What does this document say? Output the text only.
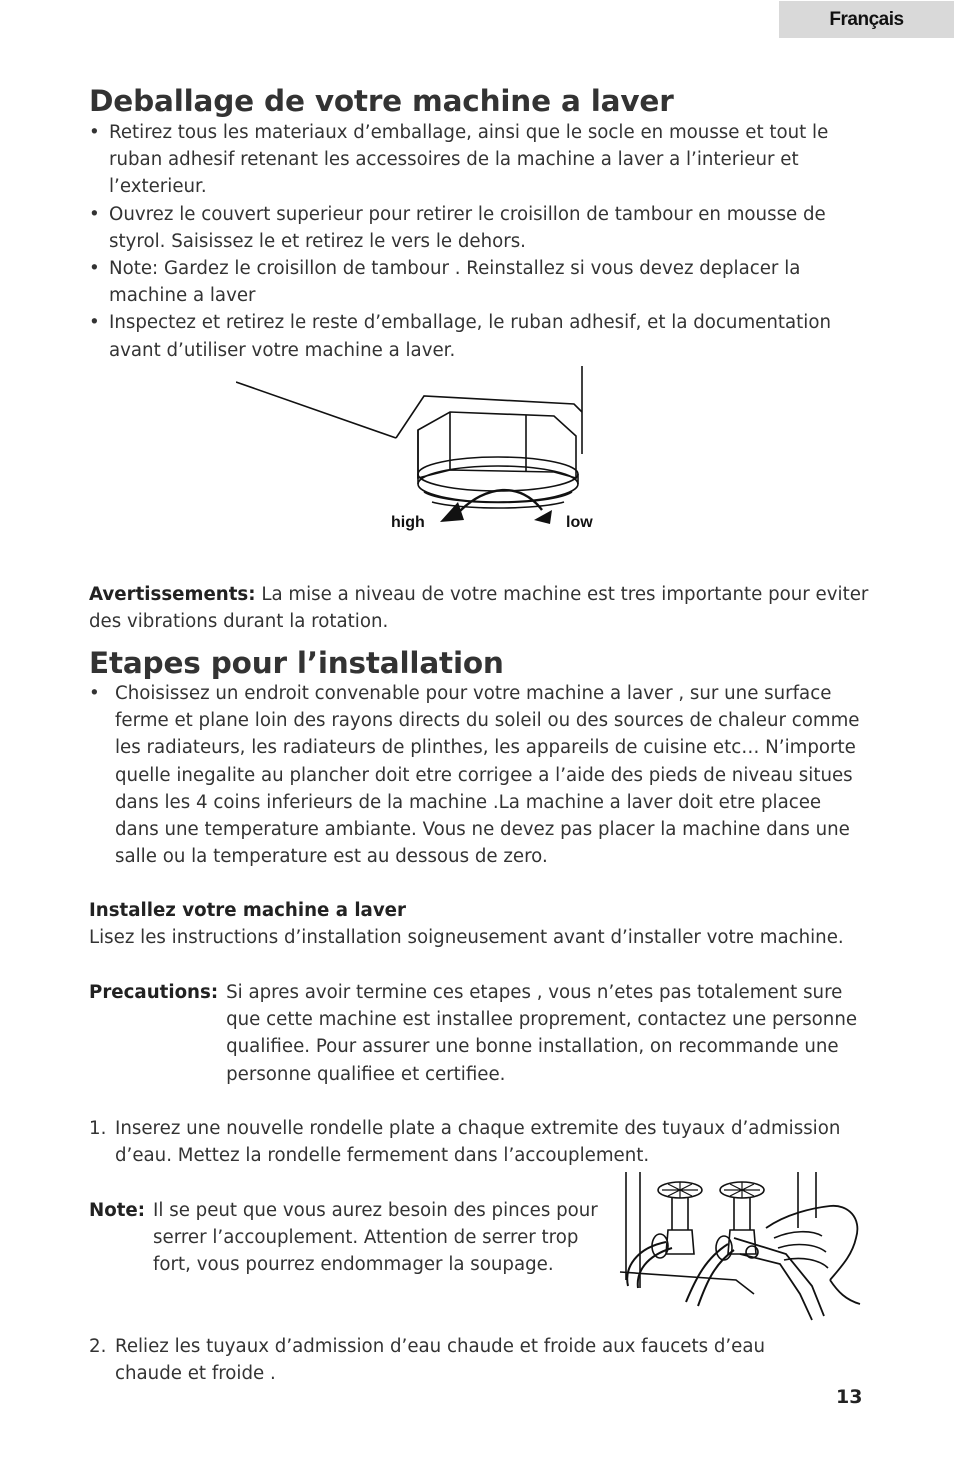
Français
Deballage de votre machine a laver
• Retirez tous les materiaux d’emballage, ainsi que le socle en mousse et tout le ruban adhesif retenant les accessoires de la machine a laver a l’interieur et l’exterieur.
• Ouvrez le couvert superieur pour retirer le croisillon de tambour en mousse de styrol. Saisissez le et retirez le vers le dehors.
• Note: Gardez le croisillon de tambour . Reinstallez si vous devez deplacer la machine a laver
• Inspectez et retirez le reste d’emballage, le ruban adhesif, et la documentation avant d’utiliser votre machine a laver.
high	low
Avertissements: La mise a niveau de votre machine est tres importante pour eviter des vibrations durant la rotation.
Etapes pour l’installation
• Choisissez un endroit convenable pour votre machine a laver , sur une surface ferme et plane loin des rayons directs du soleil ou des sources de chaleur comme les radiateurs, les radiateurs de plinthes, les appareils de cuisine etc… N’importe quelle inegalite au plancher doit etre corrigee a l’aide des pieds de niveau situes dans les 4 coins inferieurs de la machine .La machine a laver doit etre placee dans une temperature ambiante. Vous ne devez pas placer la machine dans une salle ou la temperature est au dessous de zero.
Installez votre machine a laver
Lisez les instructions d’installation soigneusement avant d’installer votre machine.
Precautions: Si apres avoir termine ces etapes , vous n’etes pas totalement sure que cette machine est installee proprement, contactez une personne qualifiee. Pour assurer une bonne installation, on recommande une personne qualifiee et certifiee.
1. Inserez une nouvelle rondelle plate a chaque extremite des tuyaux d’admission d’eau. Mettez la rondelle fermement dans l’accouplement.
Note: Il se peut que vous aurez besoin des pinces pour serrer l’accouplement. Attention de serrer trop fort, vous pourrez endommager la soupage.
2. Reliez les tuyaux d’admission d’eau chaude et froide aux faucets d’eau chaude et froide .
13
